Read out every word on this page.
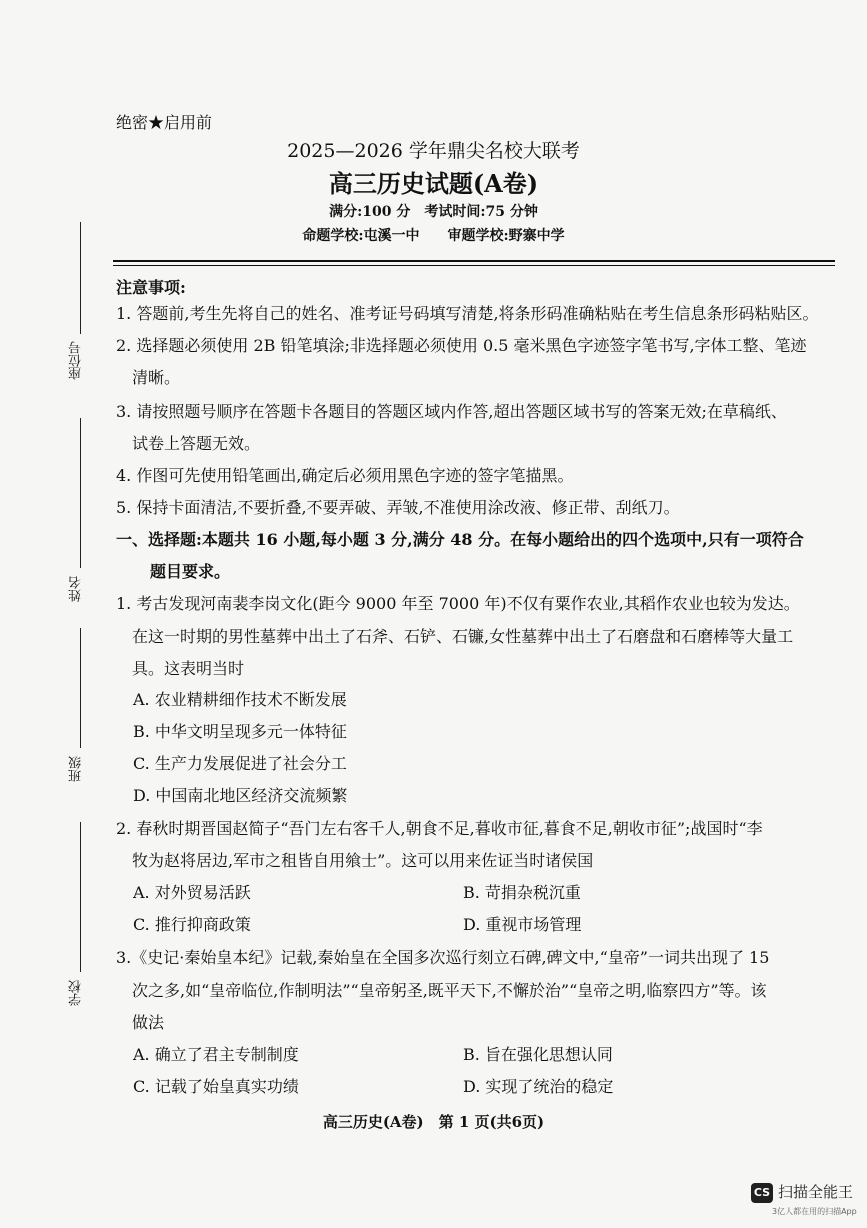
绝密★启用前
2025—2026 学年鼎尖名校大联考
高三历史试题(A卷)
满分:100 分　考试时间:75 分钟
命题学校:屯溪一中　　审题学校:野寨中学
座位号
姓名
班级
学校
注意事项:
1. 答题前,考生先将自己的姓名、准考证号码填写清楚,将条形码准确粘贴在考生信息条形码粘贴区。
2. 选择题必须使用 2B 铅笔填涂;非选择题必须使用 0.5 毫米黑色字迹签字笔书写,字体工整、笔迹
清晰。
3. 请按照题号顺序在答题卡各题目的答题区域内作答,超出答题区域书写的答案无效;在草稿纸、
试卷上答题无效。
4. 作图可先使用铅笔画出,确定后必须用黑色字迹的签字笔描黑。
5. 保持卡面清洁,不要折叠,不要弄破、弄皱,不准使用涂改液、修正带、刮纸刀。
一、选择题:本题共 16 小题,每小题 3 分,满分 48 分。在每小题给出的四个选项中,只有一项符合
题目要求。
1. 考古发现河南裴李岗文化(距今 9000 年至 7000 年)不仅有粟作农业,其稻作农业也较为发达。
在这一时期的男性墓葬中出土了石斧、石铲、石镰,女性墓葬中出土了石磨盘和石磨棒等大量工
具。这表明当时
A. 农业精耕细作技术不断发展
B. 中华文明呈现多元一体特征
C. 生产力发展促进了社会分工
D. 中国南北地区经济交流频繁
2. 春秋时期晋国赵简子“吾门左右客千人,朝食不足,暮收市征,暮食不足,朝收市征”;战国时“李
牧为赵将居边,军市之租皆自用飨士”。这可以用来佐证当时诸侯国
A. 对外贸易活跃	B. 苛捐杂税沉重
C. 推行抑商政策	D. 重视市场管理
3.《史记·秦始皇本纪》记载,秦始皇在全国多次巡行刻立石碑,碑文中,“皇帝”一词共出现了 15
次之多,如“皇帝临位,作制明法”“皇帝躬圣,既平天下,不懈於治”“皇帝之明,临察四方”等。该
做法
A. 确立了君主专制制度	B. 旨在强化思想认同
C. 记载了始皇真实功绩	D. 实现了统治的稳定
高三历史(A卷)　第 1 页(共6页)
CS 扫描全能王
3亿人都在用的扫描App
